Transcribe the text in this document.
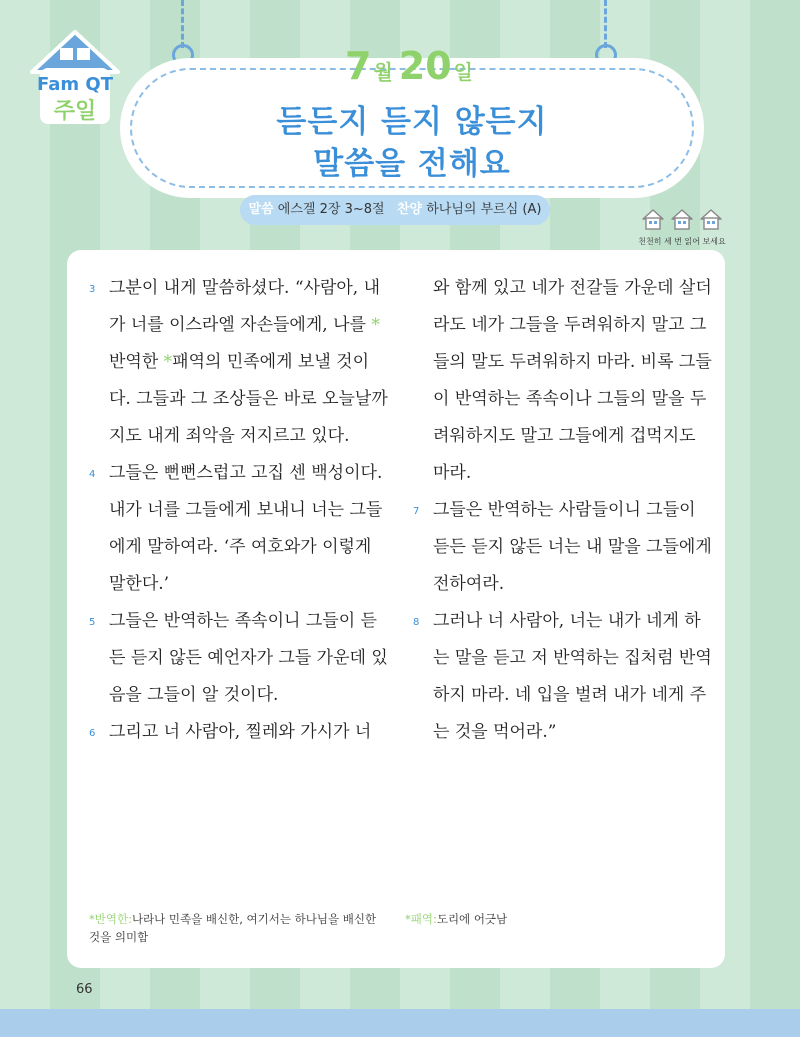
Fam QT
주일
7 월 20 일
듣든지 듣지 않든지
말씀을 전해요
말씀 에스겔 2장 3~8절 찬양 하나님의 부르심 (A)
천천히 세 번 읽어 보세요

3 그분이 내게 말씀하셨다. “사람아, 내가 너를 이스라엘 자손들에게, 나를 *반역한 *패역의 민족에게 보낼 것이다. 그들과 그 조상들은 바로 오늘날까지도 내게 죄악을 저지르고 있다.

4 그들은 뻔뻔스럽고 고집 센 백성이다. 내가 너를 그들에게 보내니 너는 그들에게 말하여라. ‘주 여호와가 이렇게 말한다.’

5 그들은 반역하는 족속이니 그들이 듣든 듣지 않든 예언자가 그들 가운데 있음을 그들이 알 것이다.

6 그리고 너 사람아, 찔레와 가시가 너

와 함께 있고 네가 전갈들 가운데 살더라도 네가 그들을 두려워하지 말고 그들의 말도 두려워하지 마라. 비록 그들이 반역하는 족속이나 그들의 말을 두려워하지도 말고 그들에게 겁먹지도 마라.

7 그들은 반역하는 사람들이니 그들이 듣든 듣지 않든 너는 내 말을 그들에게 전하여라.

8 그러나 너 사람아, 너는 내가 네게 하는 말을 듣고 저 반역하는 집처럼 반역하지 마라. 네 입을 벌려 내가 네게 주는 것을 먹어라.”

*반역한:나라나 민족을 배신한, 여기서는 하나님을 배신한 것을 의미함
*패역:도리에 어긋남
66
